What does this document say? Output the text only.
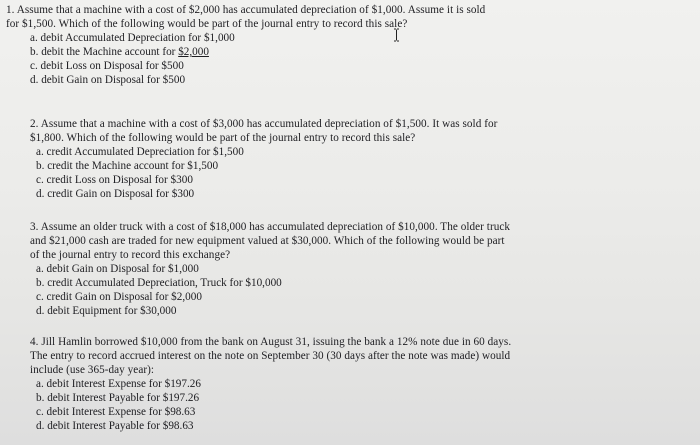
1. Assume that a machine with a cost of $2,000 has accumulated depreciation of $1,000. Assume it is sold
for $1,500. Which of the following would be part of the journal entry to record this sale?

a. debit Accumulated Depreciation for $1,000
b. debit the Machine account for $2,000
c. debit Loss on Disposal for $500
d. debit Gain on Disposal for $500

2. Assume that a machine with a cost of $3,000 has accumulated depreciation of $1,500. It was sold for
$1,800. Which of the following would be part of the journal entry to record this sale?

a. credit Accumulated Depreciation for $1,500
b. credit the Machine account for $1,500
c. credit Loss on Disposal for $300
d. credit Gain on Disposal for $300

3. Assume an older truck with a cost of $18,000 has accumulated depreciation of $10,000. The older truck
and $21,000 cash are traded for new equipment valued at $30,000. Which of the following would be part
of the journal entry to record this exchange?

a. debit Gain on Disposal for $1,000
b. credit Accumulated Depreciation, Truck for $10,000
c. credit Gain on Disposal for $2,000
d. debit Equipment for $30,000

4. Jill Hamlin borrowed $10,000 from the bank on August 31, issuing the bank a 12% note due in 60 days.
The entry to record accrued interest on the note on September 30 (30 days after the note was made) would
include (use 365-day year):

a. debit Interest Expense for $197.26
b. debit Interest Payable for $197.26
c. debit Interest Expense for $98.63
d. debit Interest Payable for $98.63
